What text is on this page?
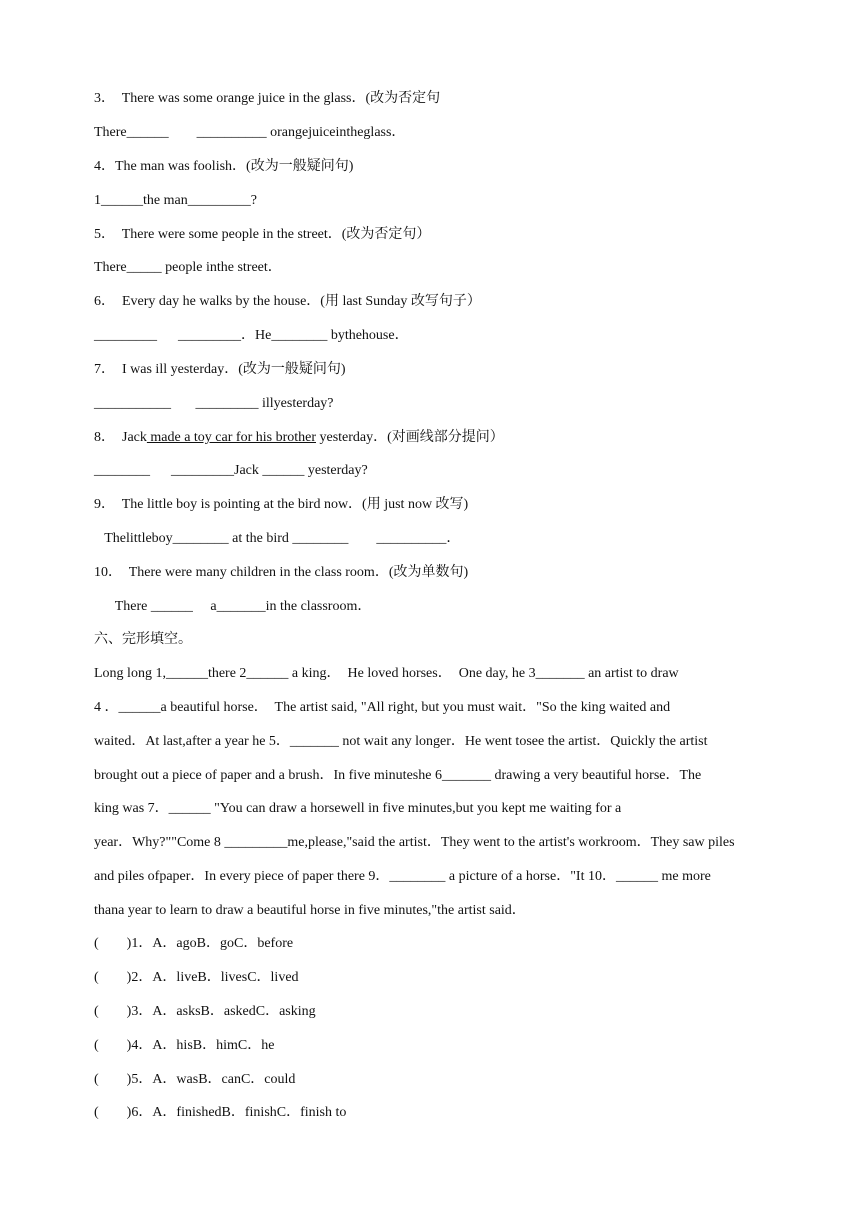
3．  There was some orange juice in the glass．(改为否定句
There______        __________ orangejuiceintheglass．
4．The man was foolish．(改为一般疑问句)
1______the man_________?
5．  There were some people in the street．(改为否定句）
There_____ people inthe street．
6．  Every day he walks by the house．(用 last Sunday 改写句子）
_________      _________．He________ bythehouse．
7．  I was ill yesterday．(改为一般疑问句)
___________       _________ illyesterday?
8．  Jack made a toy car for his brother yesterday．(对画线部分提问）
________      _________Jack ______ yesterday?
9．  The little boy is pointing at the bird now．(用 just now 改写)
Thelittleboy________ at the bird ________        __________．
10．  There were many children in the class room．(改为单数句)
There ______     a_______in the classroom．
六、完形填空。
Long long 1,______there 2______ a king．  He loved horses．  One day, he 3_______ an artist to draw
4 ．______a beautiful horse．  The artist said, "All right, but you must wait．"So the king waited and
waited．At last,after a year he 5．_______ not wait any longer．He went tosee the artist．Quickly the artist
brought out a piece of paper and a brush．In five minuteshe 6_______ drawing a very beautiful horse．The
king was 7．______ "You can draw a horsewell in five minutes,but you kept me waiting for a
year．Why?""Come 8 _________me,please,"said the artist．They went to the artist's workroom．They saw piles
and piles ofpaper．In every piece of paper there 9．________ a picture of a horse．"It 10．______ me more
thana year to learn to draw a beautiful horse in five minutes,"the artist said．
(        )1．A．agoB．goC．before
(        )2．A．liveB．livesC．lived
(        )3．A．asksB．askedC．asking
(        )4．A．hisB．himC．he
(        )5．A．wasB．canC．could
(        )6．A．finishedB．finishC．finish to
